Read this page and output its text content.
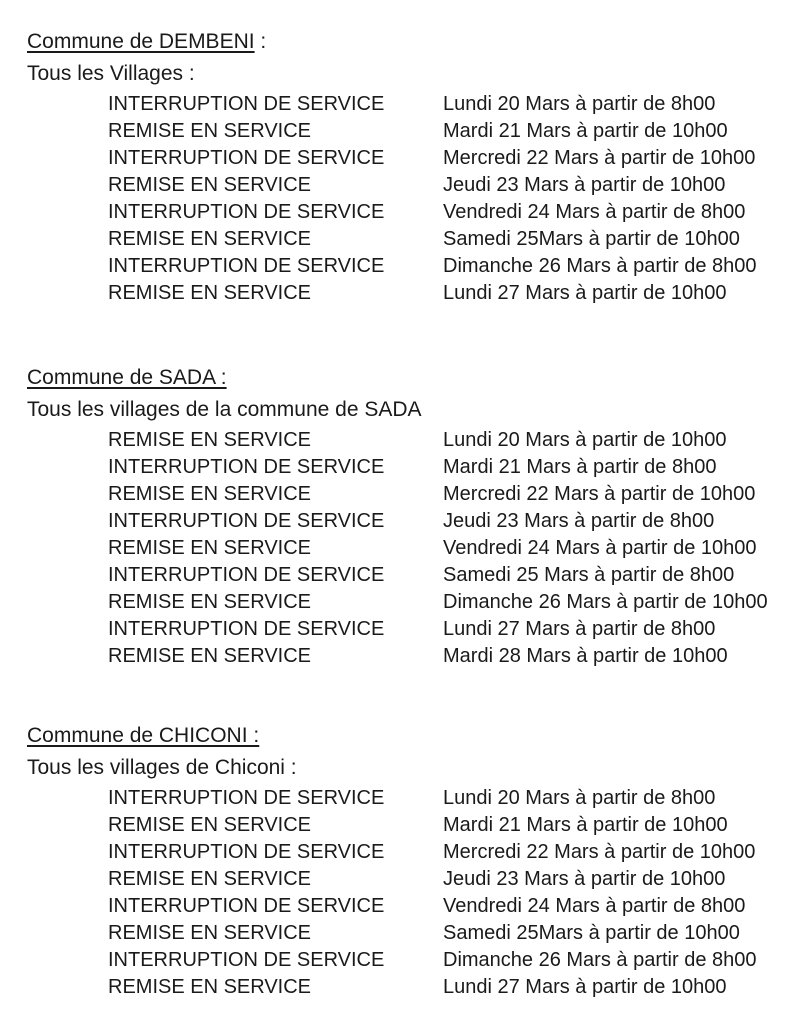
Commune de DEMBENI :

Tous les Villages :

INTERRUPTION DE SERVICE	Lundi 20 Mars à partir de 8h00
REMISE EN SERVICE	Mardi 21 Mars à partir de 10h00
INTERRUPTION DE SERVICE	Mercredi 22 Mars à partir de 10h00
REMISE EN SERVICE	Jeudi 23 Mars à partir de 10h00
INTERRUPTION DE SERVICE	Vendredi 24 Mars à partir de 8h00
REMISE EN SERVICE	Samedi 25Mars à partir de 10h00
INTERRUPTION DE SERVICE	Dimanche 26 Mars à partir de 8h00
REMISE EN SERVICE	Lundi 27 Mars à partir de 10h00
Commune de SADA :

Tous les villages de la commune de SADA

REMISE EN SERVICE	Lundi 20 Mars à partir de 10h00
INTERRUPTION DE SERVICE	Mardi 21 Mars à partir de 8h00
REMISE EN SERVICE	Mercredi 22 Mars à partir de 10h00
INTERRUPTION DE SERVICE	Jeudi 23 Mars à partir de 8h00
REMISE EN SERVICE	Vendredi 24 Mars à partir de 10h00
INTERRUPTION DE SERVICE	Samedi 25 Mars à partir de 8h00
REMISE EN SERVICE	Dimanche 26 Mars à partir de 10h00
INTERRUPTION DE SERVICE	Lundi 27 Mars à partir de 8h00
REMISE EN SERVICE	Mardi 28 Mars à partir de 10h00
Commune de CHICONI :

Tous les villages de Chiconi :

INTERRUPTION DE SERVICE	Lundi 20 Mars à partir de 8h00
REMISE EN SERVICE	Mardi 21 Mars à partir de 10h00
INTERRUPTION DE SERVICE	Mercredi 22 Mars à partir de 10h00
REMISE EN SERVICE	Jeudi 23 Mars à partir de 10h00
INTERRUPTION DE SERVICE	Vendredi 24 Mars à partir de 8h00
REMISE EN SERVICE	Samedi 25Mars à partir de 10h00
INTERRUPTION DE SERVICE	Dimanche 26 Mars à partir de 8h00
REMISE EN SERVICE	Lundi 27 Mars à partir de 10h00
